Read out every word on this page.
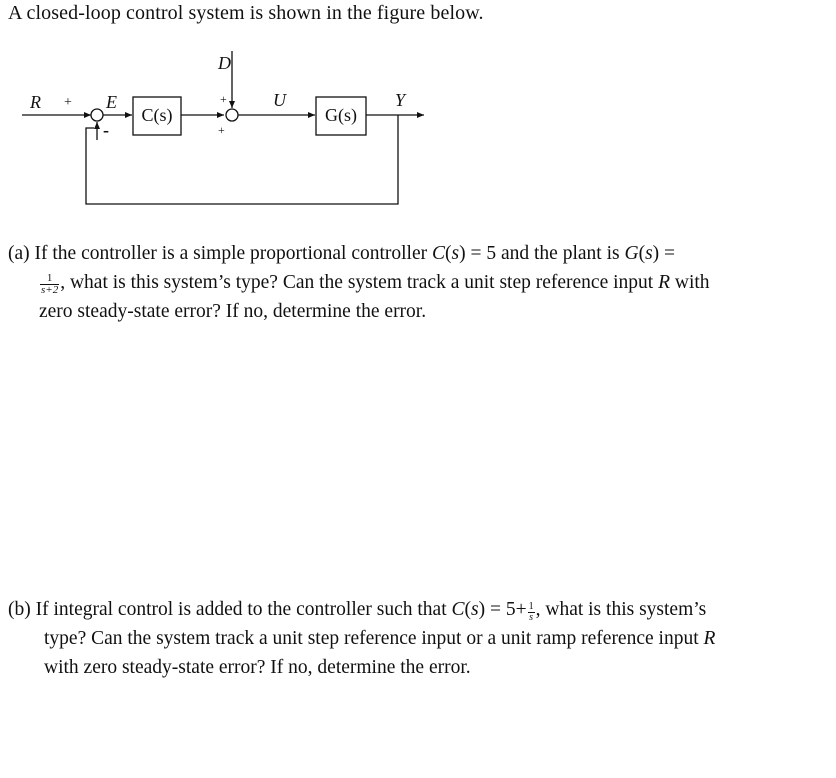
A closed-loop control system is shown in the figure below.
R + E
-
C(s)
D
+
+
U
G(s)
Y
(a) If the controller is a simple proportional controller C(s) = 5 and the plant is G(s) =
$\frac{1}{s+2}$ , what is this system’s type? Can the system track a unit step reference input R with
zero steady-state error? If no, determine the error.
(b) If integral control is added to the controller such that $C(s) = 5+ \frac{1}{s}$ , what is this system’s
type? Can the system track a unit step reference input or a unit ramp reference input R
with zero steady-state error? If no, determine the error.
